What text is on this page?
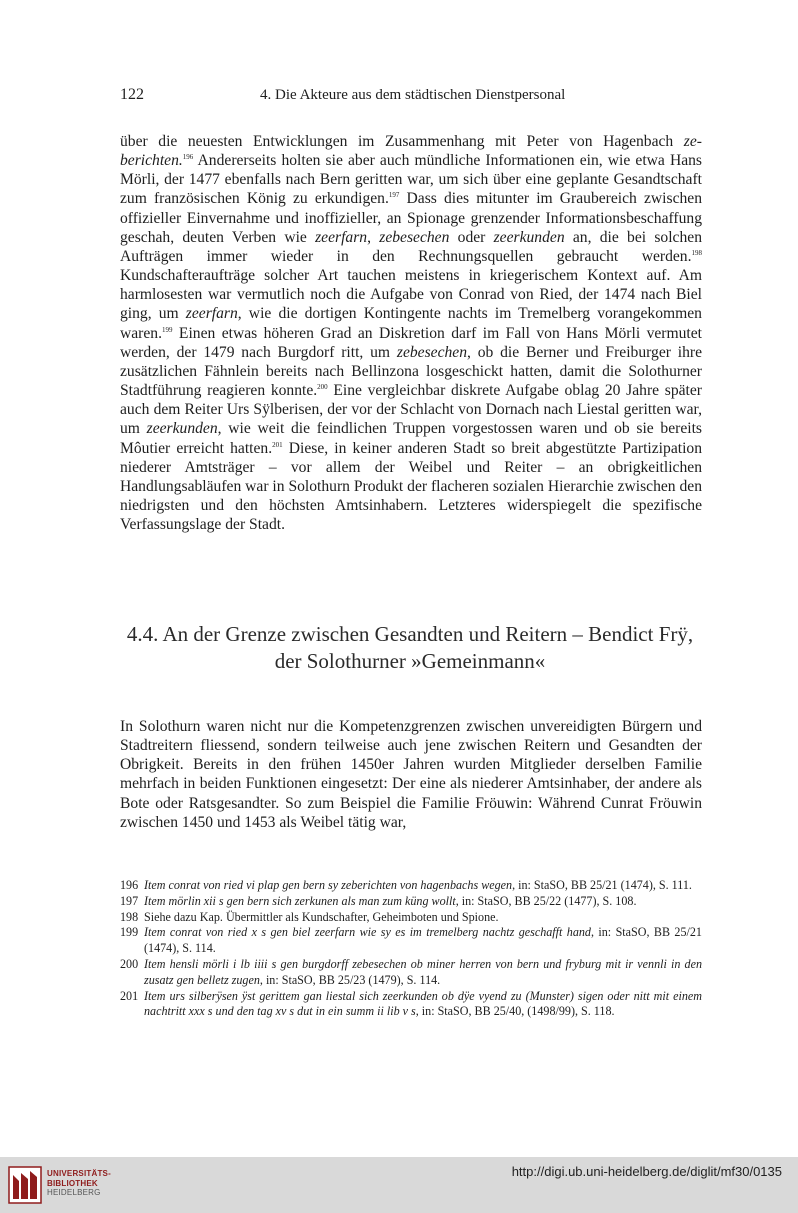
122	4. Die Akteure aus dem städtischen Dienstpersonal

über die neuesten Entwicklungen im Zusammenhang mit Peter von Hagenbach zeberichten.$^{196}$ Andererseits holten sie aber auch mündliche Informationen ein, wie etwa Hans Mörli, der 1477 ebenfalls nach Bern geritten war, um sich über eine geplante Gesandtschaft zum französischen König zu erkundigen.$^{197}$ Dass dies mitunter im Graubereich zwischen offizieller Einvernahme und inoffizieller, an Spionage grenzender Informationsbeschaffung geschah, deuten Verben wie zeerfarn, zebesechen oder zeerkunden an, die bei solchen Aufträgen immer wieder in den Rechnungsquellen gebraucht werden.$^{198}$ Kundschafteraufträge solcher Art tauchen meistens in kriegerischem Kontext auf. Am harmlosesten war vermutlich noch die Aufgabe von Conrad von Ried, der 1474 nach Biel ging, um zeerfarn, wie die dortigen Kontingente nachts im Tremelberg vorangekommen waren.$^{199}$ Einen etwas höheren Grad an Diskretion darf im Fall von Hans Mörli vermutet werden, der 1479 nach Burgdorf ritt, um zebesechen, ob die Berner und Freiburger ihre zusätzlichen Fähnlein bereits nach Bellinzona losgeschickt hatten, damit die Solothurner Stadtführung reagieren konnte.$^{200}$ Eine vergleichbar diskrete Aufgabe oblag 20 Jahre später auch dem Reiter Urs Sÿlberisen, der vor der Schlacht von Dornach nach Liestal geritten war, um zeerkunden, wie weit die feindlichen Truppen vorgestossen waren und ob sie bereits Môutier erreicht hatten.$^{201}$ Diese, in keiner anderen Stadt so breit abgestützte Partizipation niederer Amtsträger – vor allem der Weibel und Reiter – an obrigkeitlichen Handlungsabläufen war in Solothurn Produkt der flacheren sozialen Hierarchie zwischen den niedrigsten und den höchsten Amtsinhabern. Letzteres widerspiegelt die spezifische Verfassungslage der Stadt.

4.4. An der Grenze zwischen Gesandten und Reitern – Bendict Frÿ,
der Solothurner »Gemeinmann«

In Solothurn waren nicht nur die Kompetenzgrenzen zwischen unvereidigten Bürgern und Stadtreitern fliessend, sondern teilweise auch jene zwischen Reitern und Gesandten der Obrigkeit. Bereits in den frühen 1450er Jahren wurden Mitglieder derselben Familie mehrfach in beiden Funktionen eingesetzt: Der eine als niederer Amtsinhaber, der andere als Bote oder Ratsgesandter. So zum Beispiel die Familie Fröuwin: Während Cunrat Fröuwin zwischen 1450 und 1453 als Weibel tätig war,

196 Item conrat von ried vi plap gen bern sy zeberichten von hagenbachs wegen, in: StaSO, BB 25/21 (1474), S. 111.
197 Item mörlin xii s gen bern sich zerkunen als man zum küng wollt, in: StaSO, BB 25/22 (1477), S. 108.
198 Siehe dazu Kap. Übermittler als Kundschafter, Geheimboten und Spione.
199 Item conrat von ried x s gen biel zeerfarn wie sy es im tremelberg nachtz geschafft hand, in: StaSO, BB 25/21 (1474), S. 114.
200 Item hensli mörli i lb iiii s gen burgdorff zebesechen ob miner herren von bern und fryburg mit ir vennli in den zusatz gen belletz zugen, in: StaSO, BB 25/23 (1479), S. 114.
201 Item urs silberÿsen ÿst gerittem gan liestal sich zeerkunden ob dÿe vyend zu (Munster) sigen oder nitt mit einem nachtritt xxx s und den tag xv s dut in ein summ ii lib v s, in: StaSO, BB 25/40, (1498/99), S. 118.
UNIVERSITÄTS-
BIBLIOTHEK
HEIDELBERG
http://digi.ub.uni-heidelberg.de/diglit/mf30/0135
